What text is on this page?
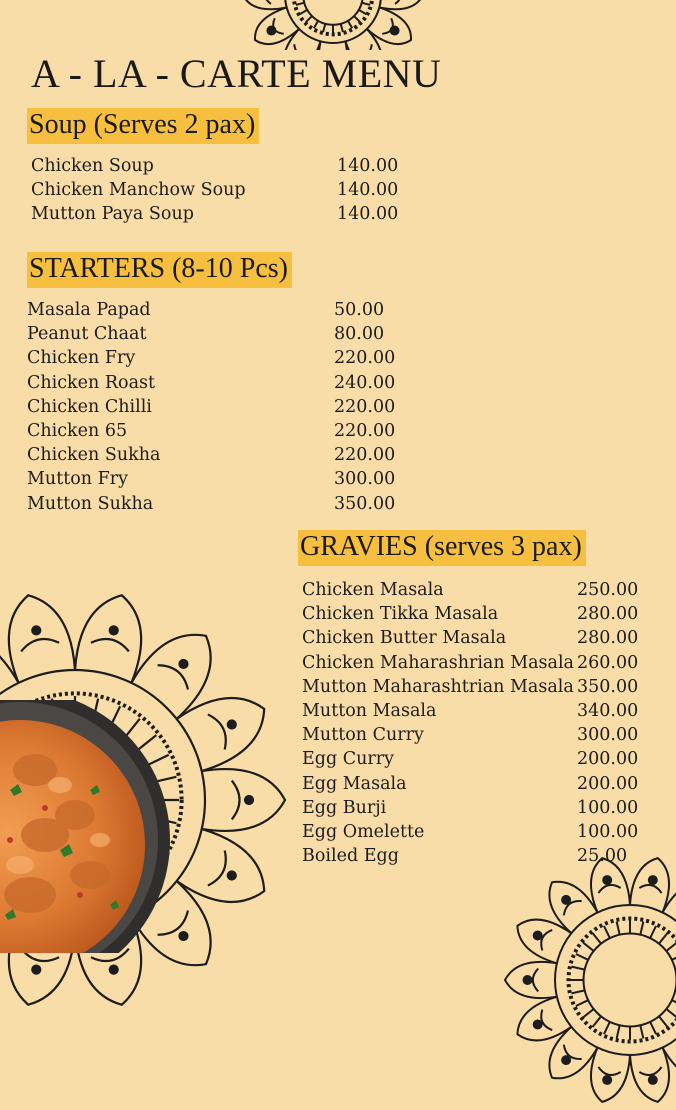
A - LA - CARTE MENU
Soup (Serves 2 pax)
Chicken Soup	140.00
Chicken Manchow Soup	140.00
Mutton Paya Soup	140.00
STARTERS (8-10 Pcs)
Masala Papad	50.00
Peanut Chaat	80.00
Chicken Fry	220.00
Chicken Roast	240.00
Chicken Chilli	220.00
Chicken 65	220.00
Chicken Sukha	220.00
Mutton Fry	300.00
Mutton Sukha	350.00
GRAVIES (serves 3 pax)
Chicken Masala	250.00
Chicken Tikka Masala	280.00
Chicken Butter Masala	280.00
Chicken Maharashrian Masala 260.00
Mutton Maharashtrian Masala 350.00
Mutton Masala	340.00
Mutton Curry	300.00
Egg Curry	200.00
Egg Masala	200.00
Egg Burji	100.00
Egg Omelette	100.00
Boiled Egg	25.00
